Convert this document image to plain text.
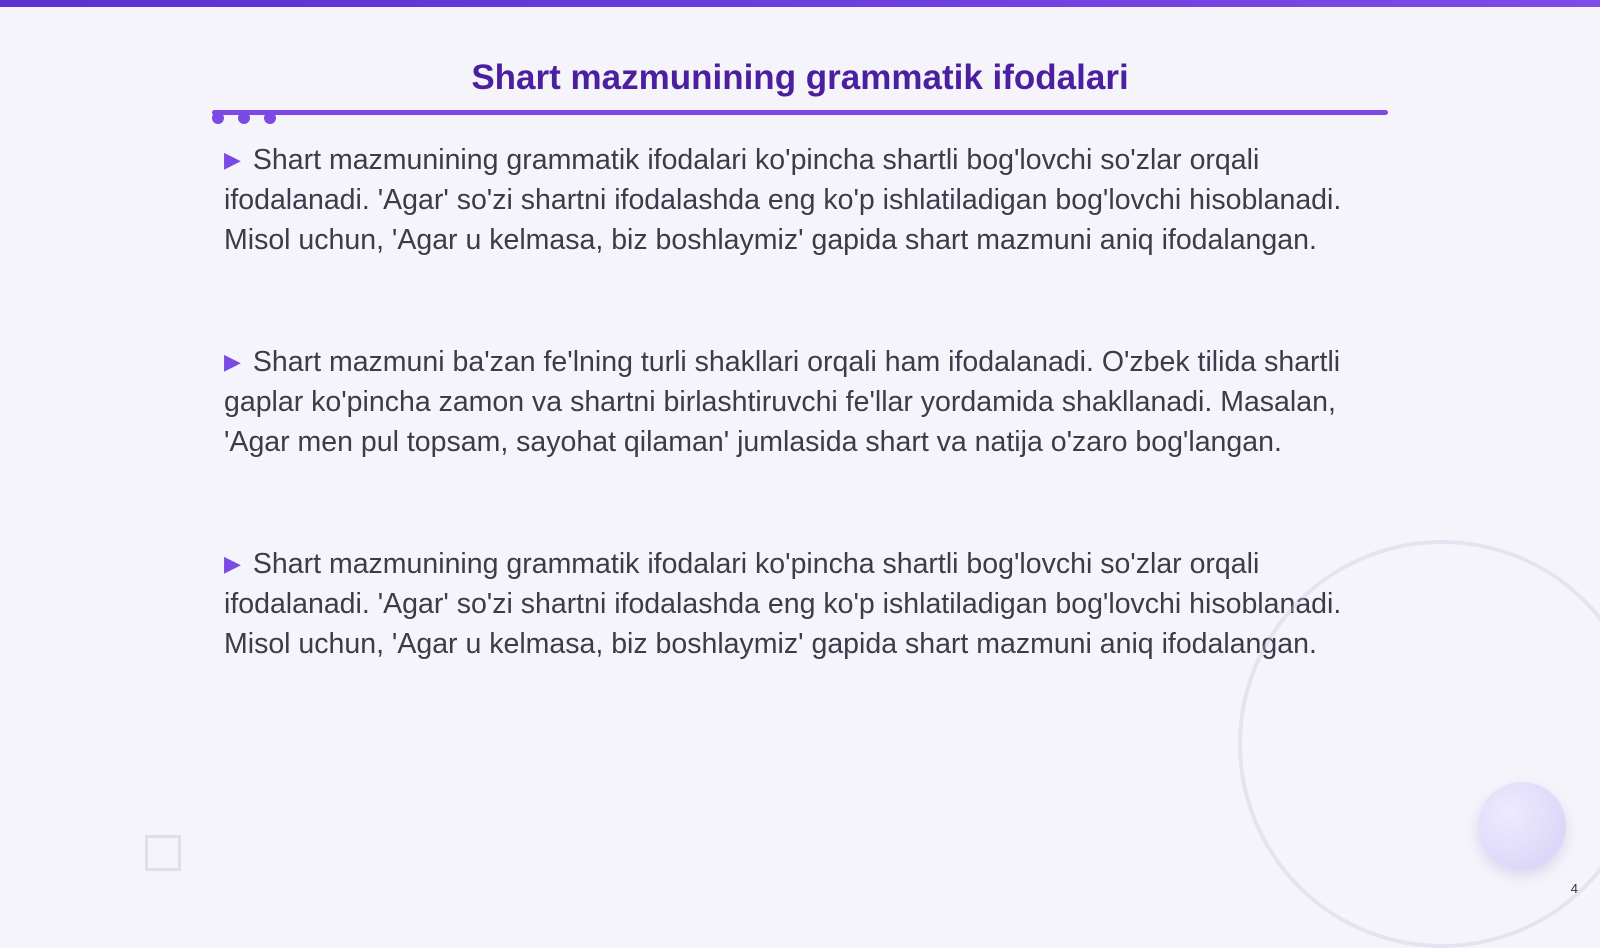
Shart mazmunining grammatik ifodalari

▶ Shart mazmunining grammatik ifodalari ko'pincha shartli bog'lovchi so'zlar orqali ifodalanadi. 'Agar' so'zi shartni ifodalashda eng ko'p ishlatiladigan bog'lovchi hisoblanadi. Misol uchun, 'Agar u kelmasa, biz boshlaymiz' gapida shart mazmuni aniq ifodalangan.

▶ Shart mazmuni ba'zan fe'lning turli shakllari orqali ham ifodalanadi. O'zbek tilida shartli gaplar ko'pincha zamon va shartni birlashtiruvchi fe'llar yordamida shakllanadi. Masalan, 'Agar men pul topsam, sayohat qilaman' jumlasida shart va natija o'zaro bog'langan.

▶ Shart mazmunining grammatik ifodalari ko'pincha shartli bog'lovchi so'zlar orqali ifodalanadi. 'Agar' so'zi shartni ifodalashda eng ko'p ishlatiladigan bog'lovchi hisoblanadi. Misol uchun, 'Agar u kelmasa, biz boshlaymiz' gapida shart mazmuni aniq ifodalangan.

4
